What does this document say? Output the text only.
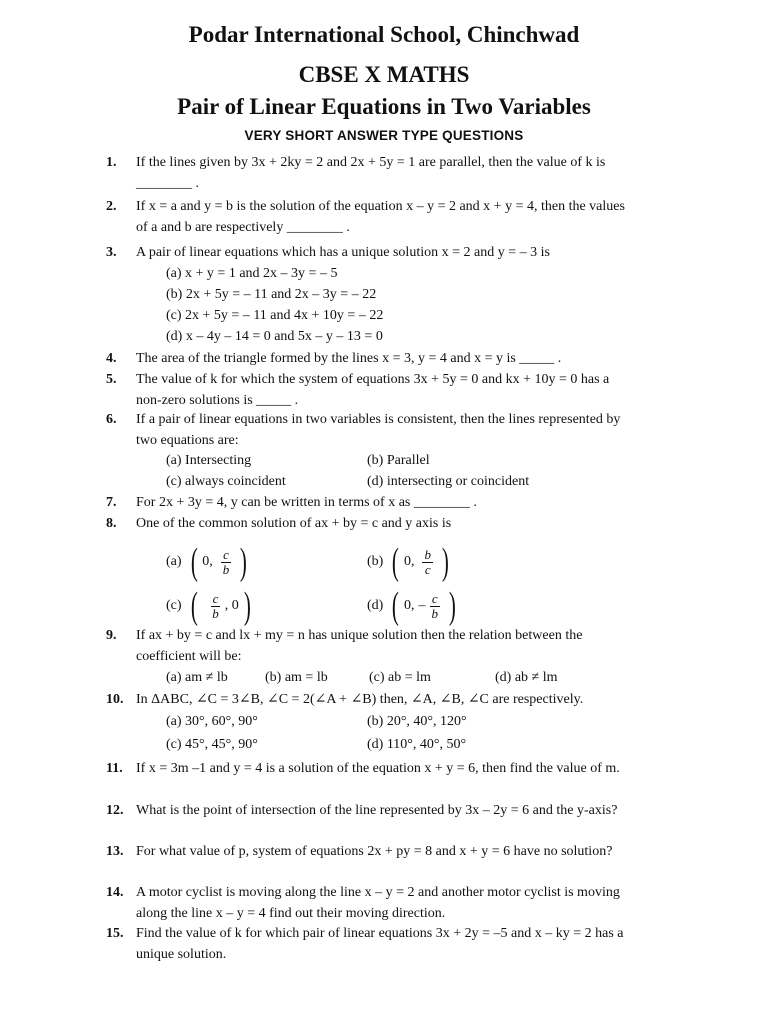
Podar International School, Chinchwad
CBSE X MATHS
Pair of Linear Equations in Two Variables
VERY SHORT ANSWER TYPE QUESTIONS
1.	If the lines given by 3x + 2ky = 2 and 2x + 5y = 1 are parallel, then the value of k is ________ .
2.	If x = a and y = b is the solution of the equation x – y = 2 and x + y = 4, then the values of a and b are respectively ________ .
3.	A pair of linear equations which has a unique solution x = 2 and y = – 3 is
(a) x + y = 1 and 2x – 3y = – 5
(b) 2x + 5y = – 11 and 2x – 3y = – 22
(c) 2x + 5y = – 11 and 4x + 10y = – 22
(d) x – 4y – 14 = 0 and 5x – y – 13 = 0
4.	The area of the triangle formed by the lines x = 3, y = 4 and x = y is _____ .
5.	The value of k for which the system of equations 3x + 5y = 0 and kx + 10y = 0 has a non-zero solutions is _____ .
6.	If a pair of linear equations in two variables is consistent, then the lines represented by two equations are:
(a) Intersecting	(b) Parallel
(c) always coincident	(d) intersecting or coincident
7.	For 2x + 3y = 4, y can be written in terms of x as ________ .
8.	One of the common solution of ax + by = c and y axis is
(a) ( 0, $\frac{c}{b}$ )	(b) ( 0, $\frac{b}{c}$ )
(c) ( $\frac{c}{b}$ , 0 )	(d) ( 0, – $\frac{c}{b}$ )
9.	If ax + by = c and lx + my = n has unique solution then the relation between the coefficient will be:
(a) am ≠ lb	(b) am = lb	(c) ab = lm	(d) ab ≠ lm
10. In ΔABC, ∠C = 3∠B, ∠C = 2(∠A + ∠B) then, ∠A, ∠B, ∠C are respectively.
(a) 30°, 60°, 90°	(b) 20°, 40°, 120°
(c) 45°, 45°, 90°	(d) 110°, 40°, 50°
11. If x = 3m –1 and y = 4 is a solution of the equation x + y = 6, then find the value of m.
12. What is the point of intersection of the line represented by 3x – 2y = 6 and the y-axis?
13. For what value of p, system of equations 2x + py = 8 and x + y = 6 have no solution?
14. A motor cyclist is moving along the line x – y = 2 and another motor cyclist is moving along the line x – y = 4 find out their moving direction.
15. Find the value of k for which pair of linear equations 3x + 2y = –5 and x – ky = 2 has a unique solution.
